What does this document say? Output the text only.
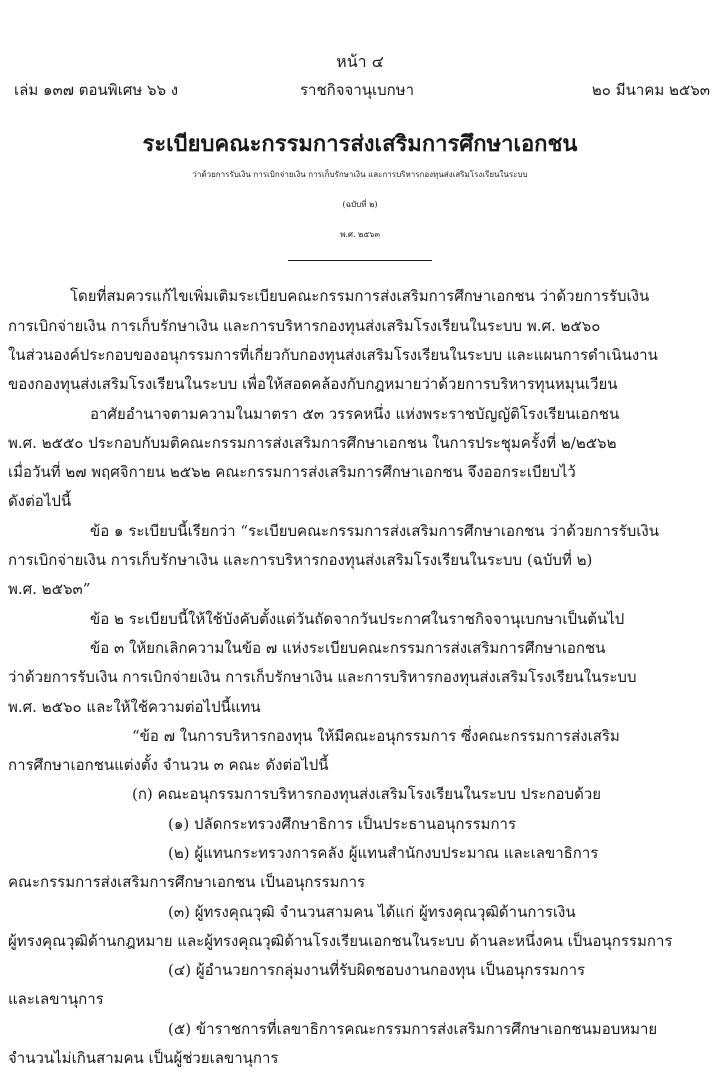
หน้า ๔
เล่ม ๑๓๗ ตอนพิเศษ ๖๖ ง	ราชกิจจานุเบกษา	๒๐ มีนาคม ๒๕๖๓
ระเบียบคณะกรรมการส่งเสริมการศึกษาเอกชน
ว่าด้วยการรับเงิน การเบิกจ่ายเงิน การเก็บรักษาเงิน และการบริหารกองทุนส่งเสริมโรงเรียนในระบบ
(ฉบับที่ ๒)
พ.ศ. ๒๕๖๓
โดยที่สมควรแก้ไขเพิ่มเติมระเบียบคณะกรรมการส่งเสริมการศึกษาเอกชน ว่าด้วยการรับเงิน
การเบิกจ่ายเงิน การเก็บรักษาเงิน และการบริหารกองทุนส่งเสริมโรงเรียนในระบบ พ.ศ. ๒๕๖๐
ในส่วนองค์ประกอบของอนุกรรมการที่เกี่ยวกับกองทุนส่งเสริมโรงเรียนในระบบ และแผนการดำเนินงาน
ของกองทุนส่งเสริมโรงเรียนในระบบ เพื่อให้สอดคล้องกับกฎหมายว่าด้วยการบริหารทุนหมุนเวียน
อาศัยอำนาจตามความในมาตรา ๕๓ วรรคหนึ่ง แห่งพระราชบัญญัติโรงเรียนเอกชน
พ.ศ. ๒๕๕๐ ประกอบกับมติคณะกรรมการส่งเสริมการศึกษาเอกชน ในการประชุมครั้งที่ ๒/๒๕๖๒
เมื่อวันที่ ๒๗ พฤศจิกายน ๒๕๖๒ คณะกรรมการส่งเสริมการศึกษาเอกชน จึงออกระเบียบไว้
ดังต่อไปนี้
ข้อ ๑ ระเบียบนี้เรียกว่า “ระเบียบคณะกรรมการส่งเสริมการศึกษาเอกชน ว่าด้วยการรับเงิน
การเบิกจ่ายเงิน การเก็บรักษาเงิน และการบริหารกองทุนส่งเสริมโรงเรียนในระบบ (ฉบับที่ ๒)
พ.ศ. ๒๕๖๓”
ข้อ ๒ ระเบียบนี้ให้ใช้บังคับตั้งแต่วันถัดจากวันประกาศในราชกิจจานุเบกษาเป็นต้นไป
ข้อ ๓ ให้ยกเลิกความในข้อ ๗ แห่งระเบียบคณะกรรมการส่งเสริมการศึกษาเอกชน
ว่าด้วยการรับเงิน การเบิกจ่ายเงิน การเก็บรักษาเงิน และการบริหารกองทุนส่งเสริมโรงเรียนในระบบ
พ.ศ. ๒๕๖๐ และให้ใช้ความต่อไปนี้แทน
“ข้อ ๗ ในการบริหารกองทุน ให้มีคณะอนุกรรมการ ซึ่งคณะกรรมการส่งเสริม
การศึกษาเอกชนแต่งตั้ง จำนวน ๓ คณะ ดังต่อไปนี้
(ก) คณะอนุกรรมการบริหารกองทุนส่งเสริมโรงเรียนในระบบ ประกอบด้วย
(๑) ปลัดกระทรวงศึกษาธิการ เป็นประธานอนุกรรมการ
(๒) ผู้แทนกระทรวงการคลัง ผู้แทนสำนักงบประมาณ และเลขาธิการ
คณะกรรมการส่งเสริมการศึกษาเอกชน เป็นอนุกรรมการ
(๓) ผู้ทรงคุณวุฒิ จำนวนสามคน ได้แก่ ผู้ทรงคุณวุฒิด้านการเงิน
ผู้ทรงคุณวุฒิด้านกฎหมาย และผู้ทรงคุณวุฒิด้านโรงเรียนเอกชนในระบบ ด้านละหนึ่งคน เป็นอนุกรรมการ
(๔) ผู้อำนวยการกลุ่มงานที่รับผิดชอบงานกองทุน เป็นอนุกรรมการ
และเลขานุการ
(๕) ข้าราชการที่เลขาธิการคณะกรรมการส่งเสริมการศึกษาเอกชนมอบหมาย
จำนวนไม่เกินสามคน เป็นผู้ช่วยเลขานุการ
